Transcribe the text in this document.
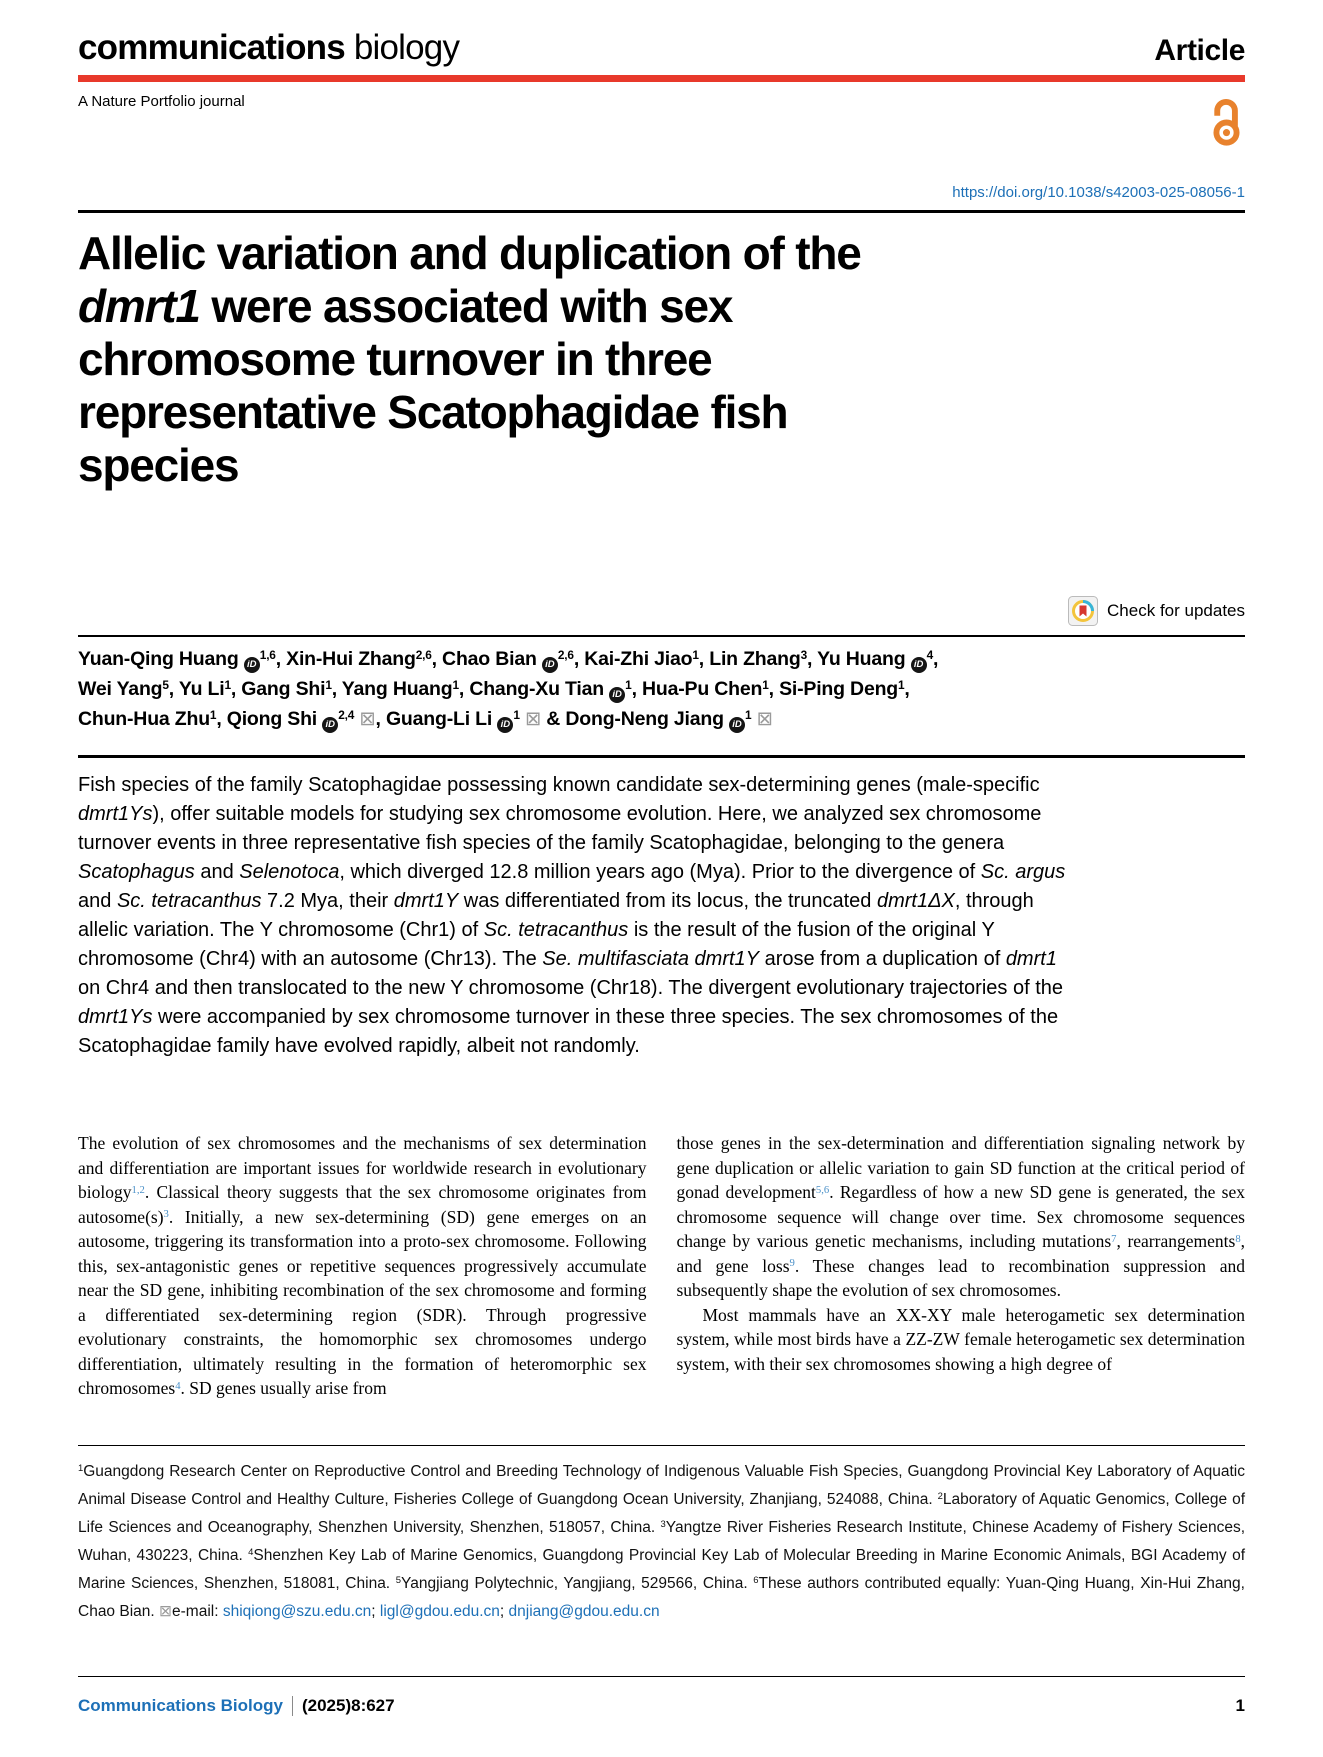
communications biology	Article
A Nature Portfolio journal
https://doi.org/10.1038/s42003-025-08056-1
Allelic variation and duplication of the
dmrt1 were associated with sex
chromosome turnover in three
representative Scatophagidae fish
species
Check for updates
Yuan-Qing Huang iD$^{1,6}$, Xin-Hui Zhang$^{2,6}$, Chao Bian iD$^{2,6}$, Kai-Zhi Jiao$^1$, Lin Zhang$^3$, Yu Huang $iD^4$,
Wei Yang$^5$, Yu Li$^1$, Gang Shi$^1$, Yang Huang$^1$, Chang-Xu Tian $iD^1$, Hua-Pu Chen$^1$, Si-Ping Deng$^1$,
Chun-Hua Zhu$^1$, Qiong Shi iD$^{2,4}$ ⊠, Guang-Li Li $iD^1$ ⊠ & Dong-Neng Jiang $iD^1$ ⊠
Fish species of the family Scatophagidae possessing known candidate sex-determining genes (male-specific dmrt1Ys), offer suitable models for studying sex chromosome evolution. Here, we analyzed sex chromosome turnover events in three representative fish species of the family Scatophagidae, belonging to the genera Scatophagus and Selenotoca, which diverged 12.8 million years ago (Mya). Prior to the divergence of Sc. argus and Sc. tetracanthus 7.2 Mya, their dmrt1Y was differentiated from its locus, the truncated dmrt1ΔX, through allelic variation. The Y chromosome (Chr1) of Sc. tetracanthus is the result of the fusion of the original Y chromosome (Chr4) with an autosome (Chr13). The Se. multifasciata dmrt1Y arose from a duplication of dmrt1 on Chr4 and then translocated to the new Y chromosome (Chr18). The divergent evolutionary trajectories of the dmrt1Ys were accompanied by sex chromosome turnover in these three species. The sex chromosomes of the Scatophagidae family have evolved rapidly, albeit not randomly.

The evolution of sex chromosomes and the mechanisms of sex determination and differentiation are important issues for worldwide research in evolutionary biology$^{1,2}$. Classical theory suggests that the sex chromosome originates from autosome(s)$^3$. Initially, a new sex-determining (SD) gene emerges on an autosome, triggering its transformation into a proto-sex chromosome. Following this, sex-antagonistic genes or repetitive sequences progressively accumulate near the SD gene, inhibiting recombination of the sex chromosome and forming a differentiated sex-determining region (SDR). Through progressive evolutionary constraints, the homomorphic sex chromosomes undergo differentiation, ultimately resulting in the formation of heteromorphic sex chromosomes$^4$. SD genes usually arise from

those genes in the sex-determination and differentiation signaling network by gene duplication or allelic variation to gain SD function at the critical period of gonad development$^{5,6}$. Regardless of how a new SD gene is generated, the sex chromosome sequence will change over time. Sex chromosome sequences change by various genetic mechanisms, including mutations$^7$, rearrangements$^8$, and gene loss$^9$. These changes lead to recombination suppression and subsequently shape the evolution of sex chromosomes.

Most mammals have an XX-XY male heterogametic sex determination system, while most birds have a ZZ-ZW female heterogametic sex determination system, with their sex chromosomes showing a high degree of

$^1$Guangdong Research Center on Reproductive Control and Breeding Technology of Indigenous Valuable Fish Species, Guangdong Provincial Key Laboratory of Aquatic Animal Disease Control and Healthy Culture, Fisheries College of Guangdong Ocean University, Zhanjiang, 524088, China. $^2$Laboratory of Aquatic Genomics, College of Life Sciences and Oceanography, Shenzhen University, Shenzhen, 518057, China. $^3$Yangtze River Fisheries Research Institute, Chinese Academy of Fishery Sciences, Wuhan, 430223, China. $^4$Shenzhen Key Lab of Marine Genomics, Guangdong Provincial Key Lab of Molecular Breeding in Marine Economic Animals, BGI Academy of Marine Sciences, Shenzhen, 518081, China. $^5$Yangjiang Polytechnic, Yangjiang, 529566, China. $^6$These authors contributed equally: Yuan-Qing Huang, Xin-Hui Zhang, Chao Bian. ⊠e-mail: shiqiong@szu.edu.cn; ligl@gdou.edu.cn; dnjiang@gdou.edu.cn
Communications Biology	(2025)8:627	1
